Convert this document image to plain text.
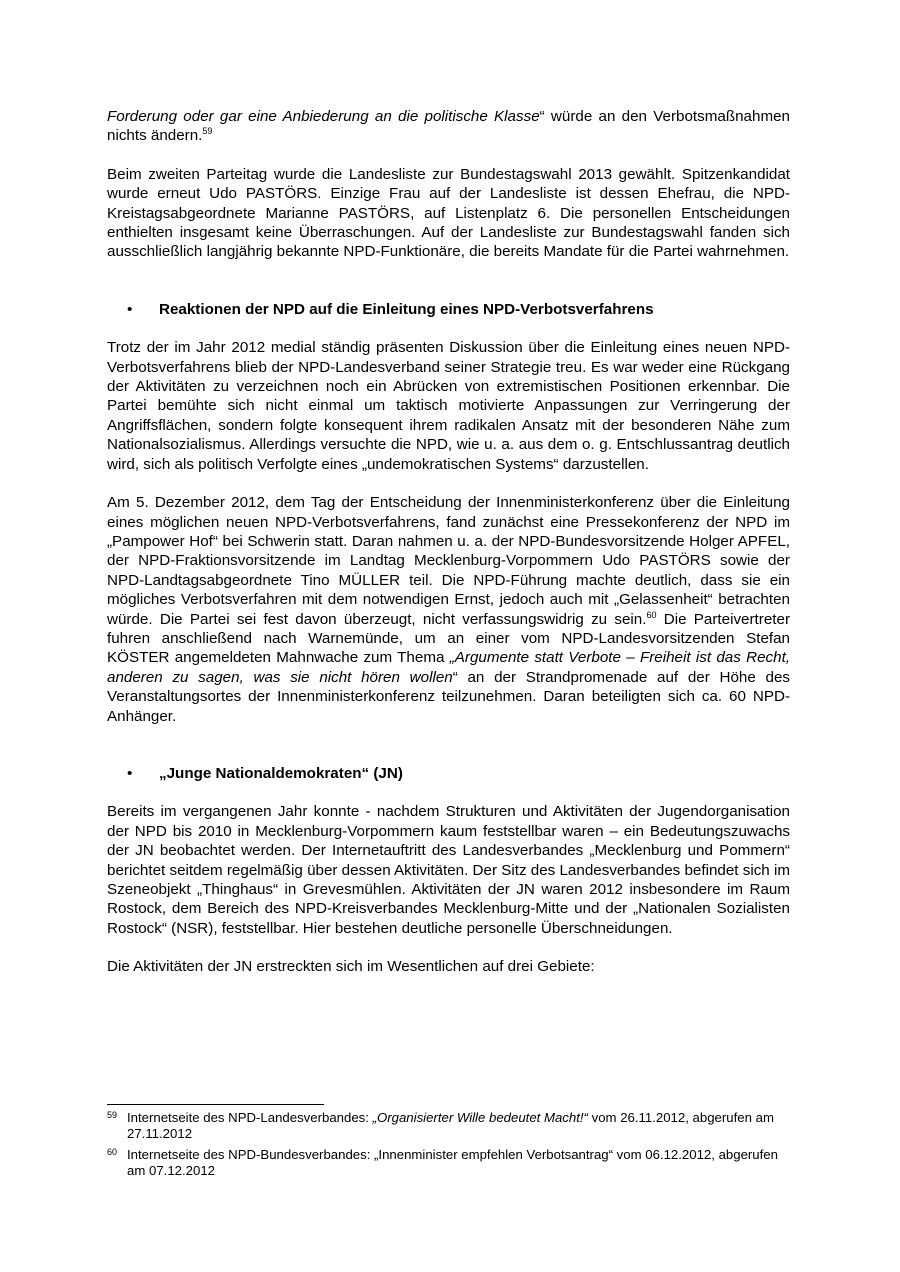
Forderung oder gar eine Anbiederung an die politische Klasse“ würde an den Verbotsmaßnahmen nichts ändern.$^{59}$

Beim zweiten Parteitag wurde die Landesliste zur Bundestagswahl 2013 gewählt. Spitzenkandidat wurde erneut Udo PASTÖRS. Einzige Frau auf der Landesliste ist dessen Ehefrau, die NPD-Kreistagsabgeordnete Marianne PASTÖRS, auf Listenplatz 6. Die personellen Entscheidungen enthielten insgesamt keine Überraschungen. Auf der Landesliste zur Bundestagswahl fanden sich ausschließlich langjährig bekannte NPD-Funktionäre, die bereits Mandate für die Partei wahrnehmen.

• Reaktionen der NPD auf die Einleitung eines NPD-Verbotsverfahrens

Trotz der im Jahr 2012 medial ständig präsenten Diskussion über die Einleitung eines neuen NPD-Verbotsverfahrens blieb der NPD-Landesverband seiner Strategie treu. Es war weder eine Rückgang der Aktivitäten zu verzeichnen noch ein Abrücken von extremistischen Positionen erkennbar. Die Partei bemühte sich nicht einmal um taktisch motivierte Anpassungen zur Verringerung der Angriffsflächen, sondern folgte konsequent ihrem radikalen Ansatz mit der besonderen Nähe zum Nationalsozialismus. Allerdings versuchte die NPD, wie u. a. aus dem o. g. Entschlussantrag deutlich wird, sich als politisch Verfolgte eines „undemokratischen Systems“ darzustellen.

Am 5. Dezember 2012, dem Tag der Entscheidung der Innenministerkonferenz über die Einleitung eines möglichen neuen NPD-Verbotsverfahrens, fand zunächst eine Pressekonferenz der NPD im „Pampower Hof“ bei Schwerin statt. Daran nahmen u. a. der NPD-Bundesvorsitzende Holger APFEL, der NPD-Fraktionsvorsitzende im Landtag Mecklenburg-Vorpommern Udo PASTÖRS sowie der NPD-Landtagsabgeordnete Tino MÜLLER teil. Die NPD-Führung machte deutlich, dass sie ein mögliches Verbotsverfahren mit dem notwendigen Ernst, jedoch auch mit „Gelassenheit“ betrachten würde. Die Partei sei fest davon überzeugt, nicht verfassungswidrig zu sein.$^{60}$ Die Parteivertreter fuhren anschließend nach Warnemünde, um an einer vom NPD-Landesvorsitzenden Stefan KÖSTER angemeldeten Mahnwache zum Thema „Argumente statt Verbote – Freiheit ist das Recht, anderen zu sagen, was sie nicht hören wollen“ an der Strandpromenade auf der Höhe des Veranstaltungsortes der Innenministerkonferenz teilzunehmen. Daran beteiligten sich ca. 60 NPD-Anhänger.

• „Junge Nationaldemokraten“ (JN)

Bereits im vergangenen Jahr konnte - nachdem Strukturen und Aktivitäten der Jugendorganisation der NPD bis 2010 in Mecklenburg-Vorpommern kaum feststellbar waren – ein Bedeutungszuwachs der JN beobachtet werden. Der Internetauftritt des Landesverbandes „Mecklenburg und Pommern“ berichtet seitdem regelmäßig über dessen Aktivitäten. Der Sitz des Landesverbandes befindet sich im Szeneobjekt „Thinghaus“ in Grevesmühlen. Aktivitäten der JN waren 2012 insbesondere im Raum Rostock, dem Bereich des NPD-Kreisverbandes Mecklenburg-Mitte und der „Nationalen Sozialisten Rostock“ (NSR), feststellbar. Hier bestehen deutliche personelle Überschneidungen.

Die Aktivitäten der JN erstreckten sich im Wesentlichen auf drei Gebiete:

59 Internetseite des NPD-Landesverbandes: „Organisierter Wille bedeutet Macht!“ vom 26.11.2012, abgerufen am 27.11.2012

60 Internetseite des NPD-Bundesverbandes: „Innenminister empfehlen Verbotsantrag“ vom 06.12.2012, abgerufen am 07.12.2012
